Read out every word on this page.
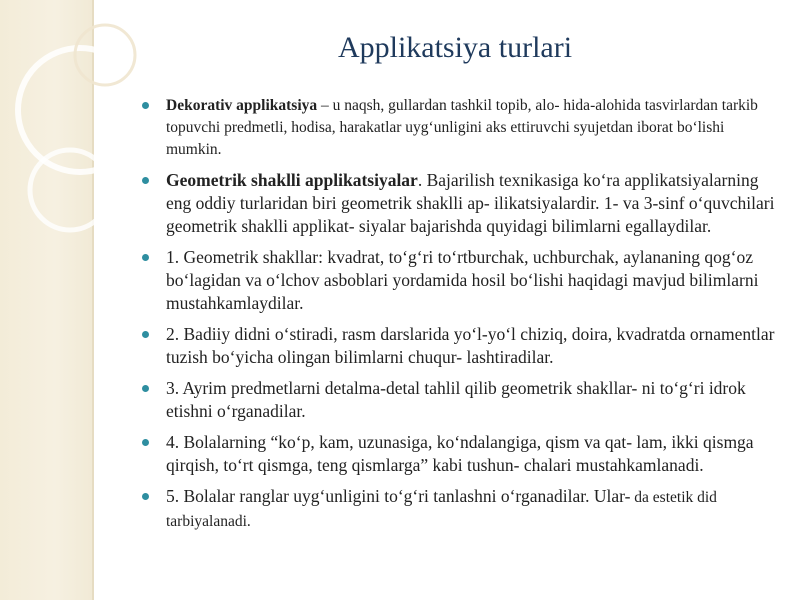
Applikatsiya turlari
Dekorativ applikatsiya – u naqsh, gullardan tashkil topib, alo- hida-alohida tasvirlardan tarkib topuvchi predmetli, hodisa, harakatlar uyg‘unligini aks ettiruvchi syujetdan iborat bo‘lishi mumkin.
Geometrik shaklli applikatsiyalar. Bajarilish texnikasiga ko‘ra applikatsiyalarning eng oddiy turlaridan biri geometrik shaklli ap- ilikatsiyalardir. 1- va 3-sinf o‘quvchilari geometrik shaklli applikat- siyalar bajarishda quyidagi bilimlarni egallaydilar.
1. Geometrik shakllar: kvadrat, to‘g‘ri to‘rtburchak, uchburchak, aylananing qog‘oz bo‘lagidan va o‘lchov asboblari yordamida hosil bo‘lishi haqidagi mavjud bilimlarni mustahkamlaydilar.
2. Badiiy didni o‘stiradi, rasm darslarida yo‘l-yo‘l chiziq, doira, kvadratda ornamentlar tuzish bo‘yicha olingan bilimlarni chuqur- lashtiradilar.
3. Ayrim predmetlarni detalma-detal tahlil qilib geometrik shakllar- ni to‘g‘ri idrok etishni o‘rganadilar.
4. Bolalarning “ko‘p, kam, uzunasiga, ko‘ndalangiga, qism va qat- lam, ikki qismga qirqish, to‘rt qismga, teng qismlarga” kabi tushun- chalari mustahkamlanadi.
5. Bolalar ranglar uyg‘unligini to‘g‘ri tanlashni o‘rganadilar. Ular- da estetik did tarbiyalanadi.
